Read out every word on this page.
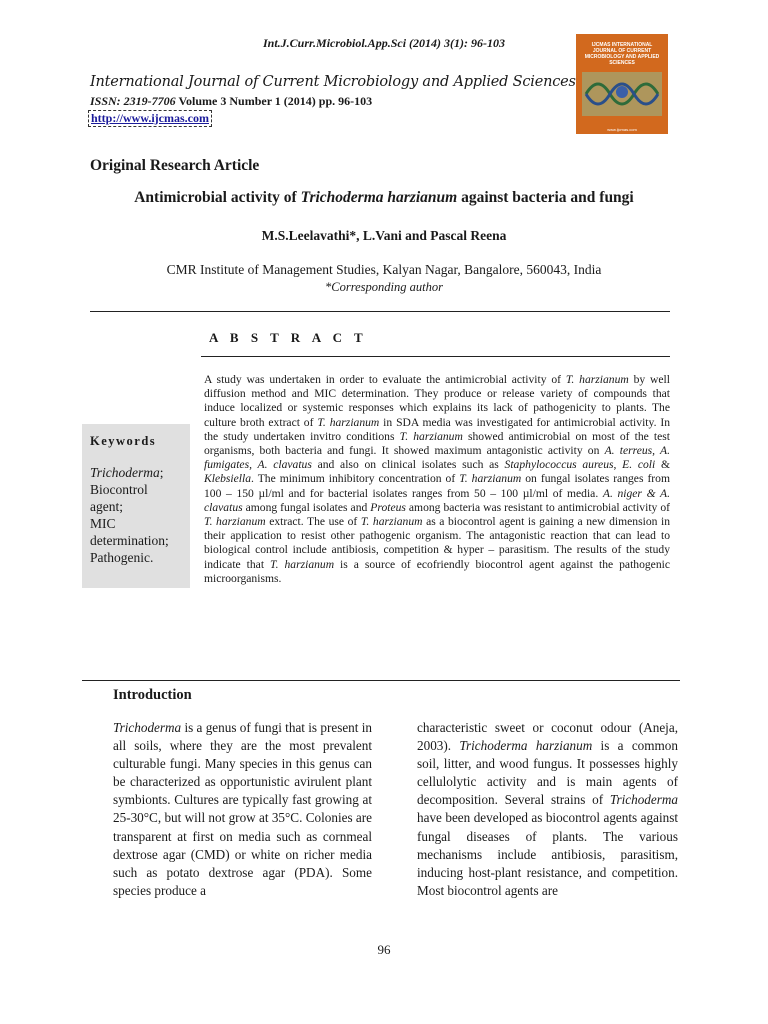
Int.J.Curr.Microbiol.App.Sci (2014) 3(1): 96-103
International Journal of Current Microbiology and Applied Sciences
ISSN: 2319-7706 Volume 3 Number 1 (2014) pp. 96-103
http://www.ijcmas.com
IJCMAS INTERNATIONAL JOURNAL OF CURRENT MICROBIOLOGY AND APPLIED SCIENCES
www.ijcmas.com
Original Research Article
Antimicrobial activity of Trichoderma harzianum against bacteria and fungi
M.S.Leelavathi*, L.Vani and Pascal Reena
CMR Institute of Management Studies, Kalyan Nagar, Bangalore, 560043, India
*Corresponding author
A B S T R A C T
Keywords
Trichoderma;
Biocontrol agent;
MIC determination;
Pathogenic.
A study was undertaken in order to evaluate the antimicrobial activity of T. harzianum by well diffusion method and MIC determination. They produce or release variety of compounds that induce localized or systemic responses which explains its lack of pathogenicity to plants. The culture broth extract of T. harzianum in SDA media was investigated for antimicrobial activity. In the study undertaken invitro conditions T. harzianum showed antimicrobial on most of the test organisms, both bacteria and fungi. It showed maximum antagonistic activity on A. terreus, A. fumigates, A. clavatus and also on clinical isolates such as Staphylococcus aureus, E. coli & Klebsiella. The minimum inhibitory concentration of T. harzianum on fungal isolates ranges from 100 – 150 µl/ml and for bacterial isolates ranges from 50 – 100 µl/ml of media. A. niger & A. clavatus among fungal isolates and Proteus among bacteria was resistant to antimicrobial activity of T. harzianum extract. The use of T. harzianum as a biocontrol agent is gaining a new dimension in their application to resist other pathogenic organism. The antagonistic reaction that can lead to biological control include antibiosis, competition & hyper – parasitism. The results of the study indicate that T. harzianum is a source of ecofriendly biocontrol agent against the pathogenic microorganisms.
Introduction
Trichoderma is a genus of fungi that is present in all soils, where they are the most prevalent culturable fungi. Many species in this genus can be characterized as opportunistic avirulent plant symbionts. Cultures are typically fast growing at 25-30°C, but will not grow at 35°C. Colonies are transparent at first on media such as cornmeal dextrose agar (CMD) or white on richer media such as potato dextrose agar (PDA). Some species produce a
characteristic sweet or coconut odour (Aneja, 2003). Trichoderma harzianum is a common soil, litter, and wood fungus. It possesses highly cellulolytic activity and is main agents of decomposition. Several strains of Trichoderma have been developed as biocontrol agents against fungal diseases of plants. The various mechanisms include antibiosis, parasitism, inducing host-plant resistance, and competition. Most biocontrol agents are
96
